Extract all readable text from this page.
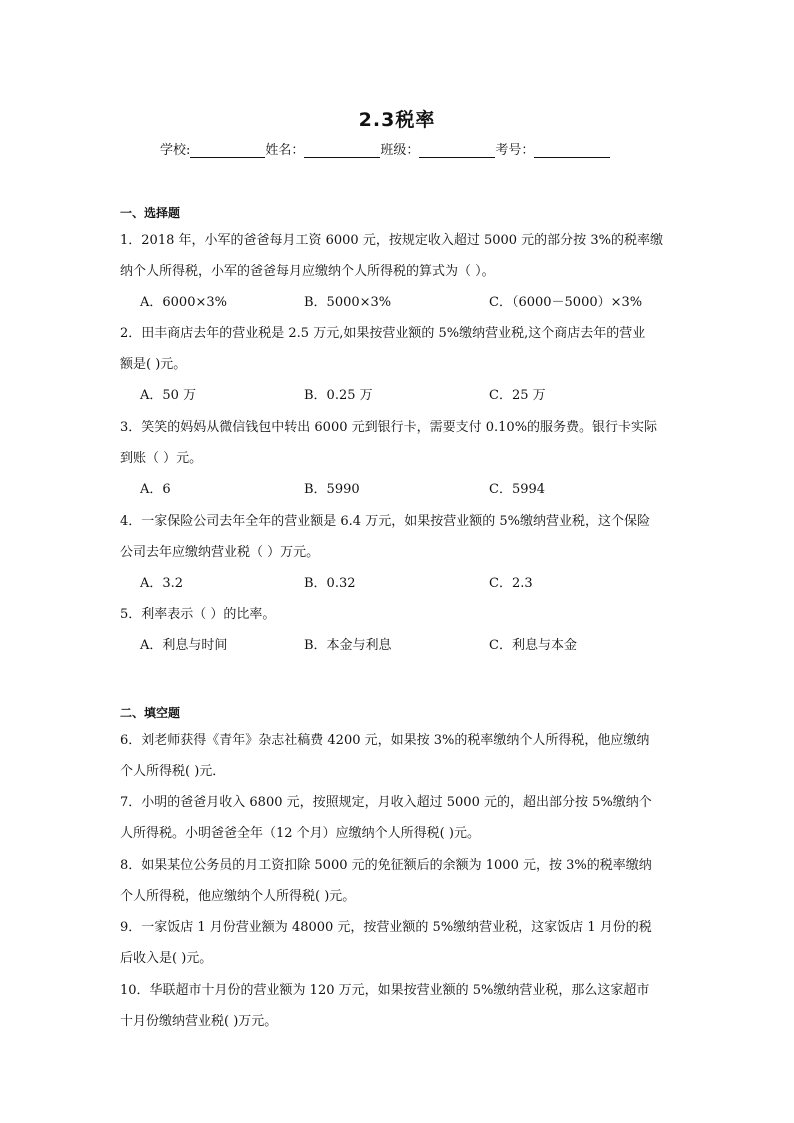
2.3税率
学校:	姓名：	班级：	考号：
一、选择题
1．2018 年，小军的爸爸每月工资 6000 元，按规定收入超过 5000 元的部分按 3%的税率缴
纳个人所得税，小军的爸爸每月应缴纳个人所得税的算式为（ ）。
A．6000×3%	B．5000×3%	C．（6000－5000）×3%
2．田丰商店去年的营业税是 2.5 万元,如果按营业额的 5%缴纳营业税,这个商店去年的营业
额是( )元。
A．50 万	B．0.25 万	C．25 万
3．笑笑的妈妈从微信钱包中转出 6000 元到银行卡，需要支付 0.10%的服务费。银行卡实际
到账（ ）元。
A．6	B．5990	C．5994
4．一家保险公司去年全年的营业额是 6.4 万元，如果按营业额的 5%缴纳营业税，这个保险
公司去年应缴纳营业税（ ）万元。
A．3.2	B．0.32	C．2.3
5．利率表示（ ）的比率。
A．利息与时间	B．本金与利息	C．利息与本金
二、填空题
6．刘老师获得《青年》杂志社稿费 4200 元，如果按 3%的税率缴纳个人所得税，他应缴纳
个人所得税( )元．
7．小明的爸爸月收入 6800 元，按照规定，月收入超过 5000 元的，超出部分按 5%缴纳个
人所得税。小明爸爸全年（12 个月）应缴纳个人所得税( )元。
8．如果某位公务员的月工资扣除 5000 元的免征额后的余额为 1000 元，按 3%的税率缴纳
个人所得税，他应缴纳个人所得税( )元。
9．一家饭店 1 月份营业额为 48000 元，按营业额的 5%缴纳营业税，这家饭店 1 月份的税
后收入是( )元。
10．华联超市十月份的营业额为 120 万元，如果按营业额的 5%缴纳营业税，那么这家超市
十月份缴纳营业税( )万元。
